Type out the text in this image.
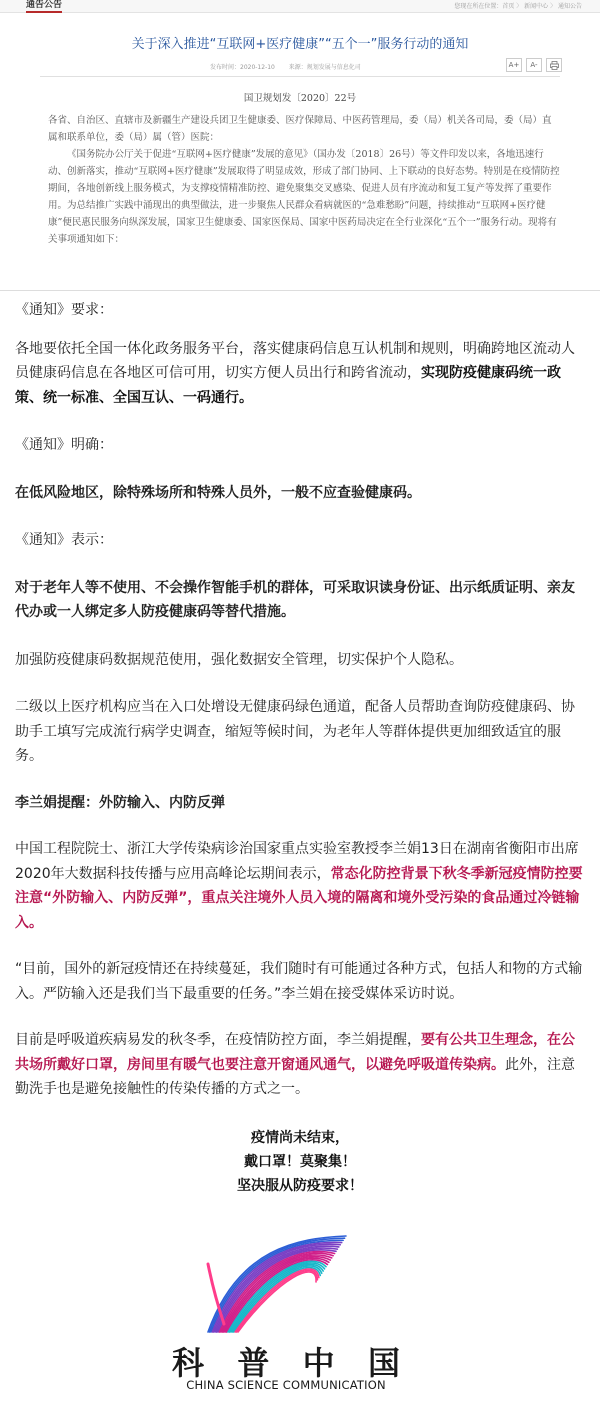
通告公告	您现在所在位置：首页 〉 新闻中心 〉 通知公告
关于深入推进“互联网+医疗健康”“五个一”服务行动的通知
发布时间：2020-12-10 来源：规划发展与信息化司	A+	A-
国卫规划发〔2020〕22号

各省、自治区、直辖市及新疆生产建设兵团卫生健康委、医疗保障局、中医药管理局，委（局）机关各司局，委（局）直属和联系单位，委（局）属（管）医院：

《国务院办公厅关于促进“互联网+医疗健康”发展的意见》（国办发〔2018〕26号）等文件印发以来，各地迅速行动、创新落实，推动“互联网+医疗健康”发展取得了明显成效，形成了部门协同、上下联动的良好态势。特别是在疫情防控期间，各地创新线上服务模式，为支撑疫情精准防控、避免聚集交叉感染、促进人员有序流动和复工复产等发挥了重要作用。为总结推广实践中涌现出的典型做法，进一步聚焦人民群众看病就医的“急难愁盼”问题，持续推动“互联网+医疗健康”便民惠民服务向纵深发展，国家卫生健康委、国家医保局、国家中医药局决定在全行业深化“五个一”服务行动。现将有关事项通知如下：

《通知》要求：

各地要依托全国一体化政务服务平台，落实健康码信息互认机制和规则，明确跨地区流动人员健康码信息在各地区可信可用，切实方便人员出行和跨省流动，实现防疫健康码统一政策、统一标准、全国互认、一码通行。

《通知》明确：

在低风险地区，除特殊场所和特殊人员外，一般不应查验健康码。

《通知》表示：

对于老年人等不使用、不会操作智能手机的群体，可采取识读身份证、出示纸质证明、亲友代办或一人绑定多人防疫健康码等替代措施。

加强防疫健康码数据规范使用，强化数据安全管理，切实保护个人隐私。

二级以上医疗机构应当在入口处增设无健康码绿色通道，配备人员帮助查询防疫健康码、协助手工填写完成流行病学史调查，缩短等候时间，为老年人等群体提供更加细致适宜的服务。

李兰娟提醒：外防输入、内防反弹

中国工程院院士、浙江大学传染病诊治国家重点实验室教授李兰娟13日在湖南省衡阳市出席2020年大数据科技传播与应用高峰论坛期间表示，常态化防控背景下秋冬季新冠疫情防控要注意“外防输入、内防反弹”，重点关注境外人员入境的隔离和境外受污染的食品通过冷链输入。

“目前，国外的新冠疫情还在持续蔓延，我们随时有可能通过各种方式，包括人和物的方式输入。严防输入还是我们当下最重要的任务。”李兰娟在接受媒体采访时说。

目前是呼吸道疾病易发的秋冬季，在疫情防控方面，李兰娟提醒，要有公共卫生理念，在公共场所戴好口罩，房间里有暖气也要注意开窗通风通气，以避免呼吸道传染病。此外，注意勤洗手也是避免接触性的传染传播的方式之一。

疫情尚未结束，
戴口罩！莫聚集！
坚决服从防疫要求！
科 普 中 国
CHINA SCIENCE COMMUNICATION
